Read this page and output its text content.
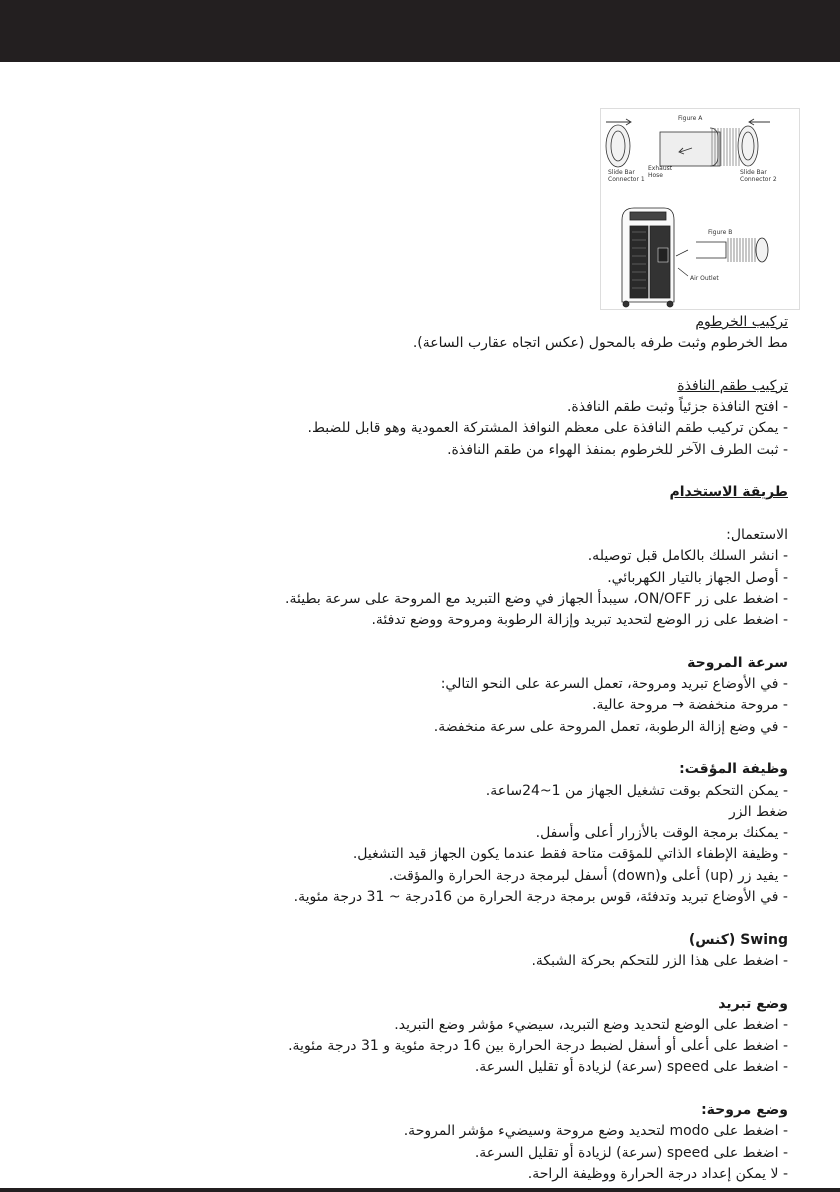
Figure A
Slide Bar
Connector 1
Exhaust
Hose	Slide Bar
Connector 2
Figure B
Air Outlet
تركيب الخرطوم
مط الخرطوم وثبت طرفه بالمحول (عكس اتجاه عقارب الساعة).
تركيب طقم النافذة
- افتح النافذة جزئياً وثبت طقم النافذة.
- يمكن تركيب طقم النافذة على معظم النوافذ المشتركة العمودية وهو قابل للضبط.
- ثبت الطرف الآخر للخرطوم بمنفذ الهواء من طقم النافذة.
طريقة الاستخدام
الاستعمال:
- انشر السلك بالكامل قبل توصيله.
- أوصل الجهاز بالتيار الكهربائي.
- اضغط على زر ON/OFF، سيبدأ الجهاز في وضع التبريد مع المروحة على سرعة بطيئة.
- اضغط على زر الوضع لتحديد تبريد وإزالة الرطوبة ومروحة ووضع تدفئة.
سرعة المروحة
- في الأوضاع تبريد ومروحة، تعمل السرعة على النحو التالي:
- مروحة منخفضة → مروحة عالية.
- في وضع إزالة الرطوبة، تعمل المروحة على سرعة منخفضة.
وظيفة المؤقت:
- يمكن التحكم بوقت تشغيل الجهاز من 1~24ساعة.
ضغط الزر
- يمكنك برمجة الوقت بالأزرار أعلى وأسفل.
- وظيفة الإطفاء الذاتي للمؤقت متاحة فقط عندما يكون الجهاز قيد التشغيل.
- يفيد زر (up) أعلى و(down) أسفل لبرمجة درجة الحرارة والمؤقت.
- في الأوضاع تبريد وتدفئة، قوس برمجة درجة الحرارة من 16درجة ~ 31 درجة مئوية.
Swing (كنس)
- اضغط على هذا الزر للتحكم بحركة الشبكة.
وضع تبريد
- اضغط على الوضع لتحديد وضع التبريد، سيضيء مؤشر وضع التبريد.
- اضغط على أعلى أو أسفل لضبط درجة الحرارة بين 16 درجة مئوية و 31 درجة مئوية.
- اضغط على speed (سرعة) لزيادة أو تقليل السرعة.
وضع مروحة:
- اضغط على modo لتحديد وضع مروحة وسيضيء مؤشر المروحة.
- اضغط على speed (سرعة) لزيادة أو تقليل السرعة.
- لا يمكن إعداد درجة الحرارة ووظيفة الراحة.
